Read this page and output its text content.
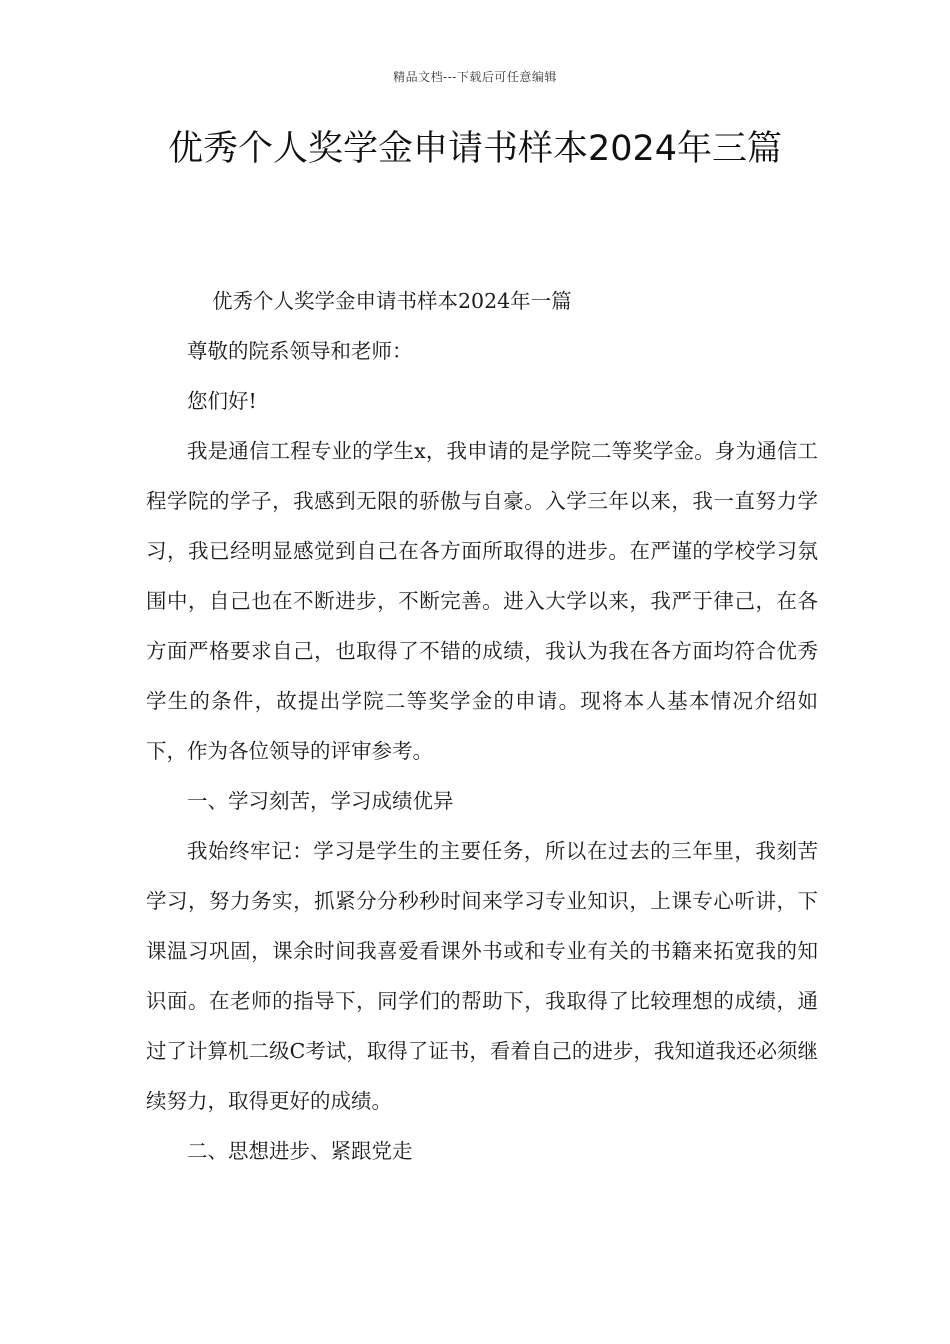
精品文档---下载后可任意编辑
优秀个人奖学金申请书样本2024年三篇

优秀个人奖学金申请书样本2024年一篇

尊敬的院系领导和老师：

您们好!

我是通信工程专业的学生x，我申请的是学院二等奖学金。身为通信工程学院的学子，我感到无限的骄傲与自豪。入学三年以来，我一直努力学习，我已经明显感觉到自己在各方面所取得的进步。在严谨的学校学习氛围中，自己也在不断进步，不断完善。进入大学以来，我严于律己，在各方面严格要求自己，也取得了不错的成绩，我认为我在各方面均符合优秀学生的条件，故提出学院二等奖学金的申请。现将本人基本情况介绍如下，作为各位领导的评审参考。

一、学习刻苦，学习成绩优异

我始终牢记：学习是学生的主要任务，所以在过去的三年里，我刻苦学习，努力务实，抓紧分分秒秒时间来学习专业知识，上课专心听讲，下课温习巩固，课余时间我喜爱看课外书或和专业有关的书籍来拓宽我的知识面。在老师的指导下，同学们的帮助下，我取得了比较理想的成绩，通过了计算机二级C考试，取得了证书，看着自己的进步，我知道我还必须继续努力，取得更好的成绩。

二、思想进步、紧跟党走
